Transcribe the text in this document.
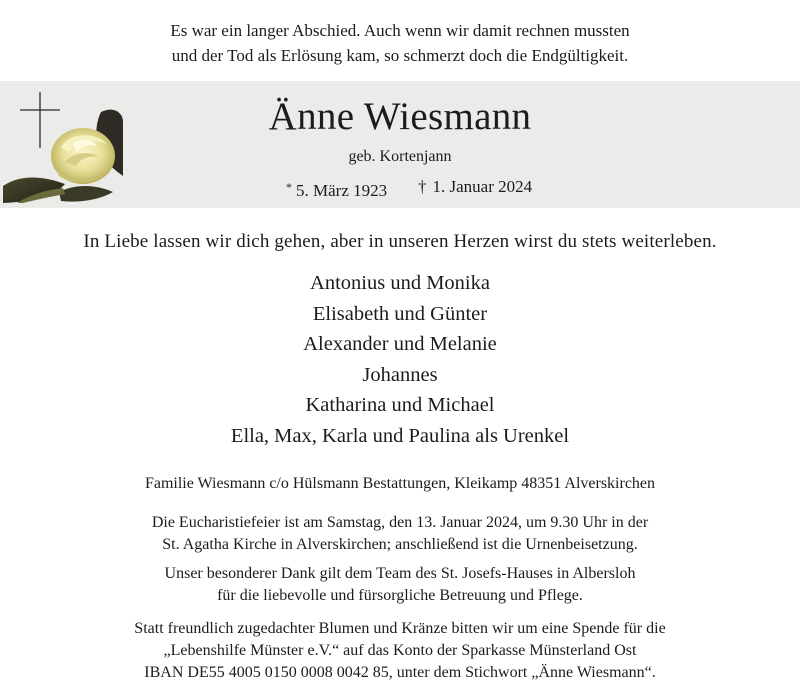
Es war ein langer Abschied. Auch wenn wir damit rechnen mussten
und der Tod als Erlösung kam, so schmerzt doch die Endgültigkeit.
Änne Wiesmann
geb. Kortenjann
* 5. März 1923 † 1. Januar 2024
In Liebe lassen wir dich gehen, aber in unseren Herzen wirst du stets weiterleben.
Antonius und Monika
Elisabeth und Günter
Alexander und Melanie
Johannes
Katharina und Michael
Ella, Max, Karla und Paulina als Urenkel
Familie Wiesmann c/o Hülsmann Bestattungen, Kleikamp 48351 Alverskirchen
Die Eucharistiefeier ist am Samstag, den 13. Januar 2024, um 9.30 Uhr in der
St. Agatha Kirche in Alverskirchen; anschließend ist die Urnenbeisetzung.
Unser besonderer Dank gilt dem Team des St. Josefs-Hauses in Albersloh
für die liebevolle und fürsorgliche Betreuung und Pflege.
Statt freundlich zugedachter Blumen und Kränze bitten wir um eine Spende für die
„Lebenshilfe Münster e.V.“ auf das Konto der Sparkasse Münsterland Ost
IBAN DE55 4005 0150 0008 0042 85, unter dem Stichwort „Änne Wiesmann“.
